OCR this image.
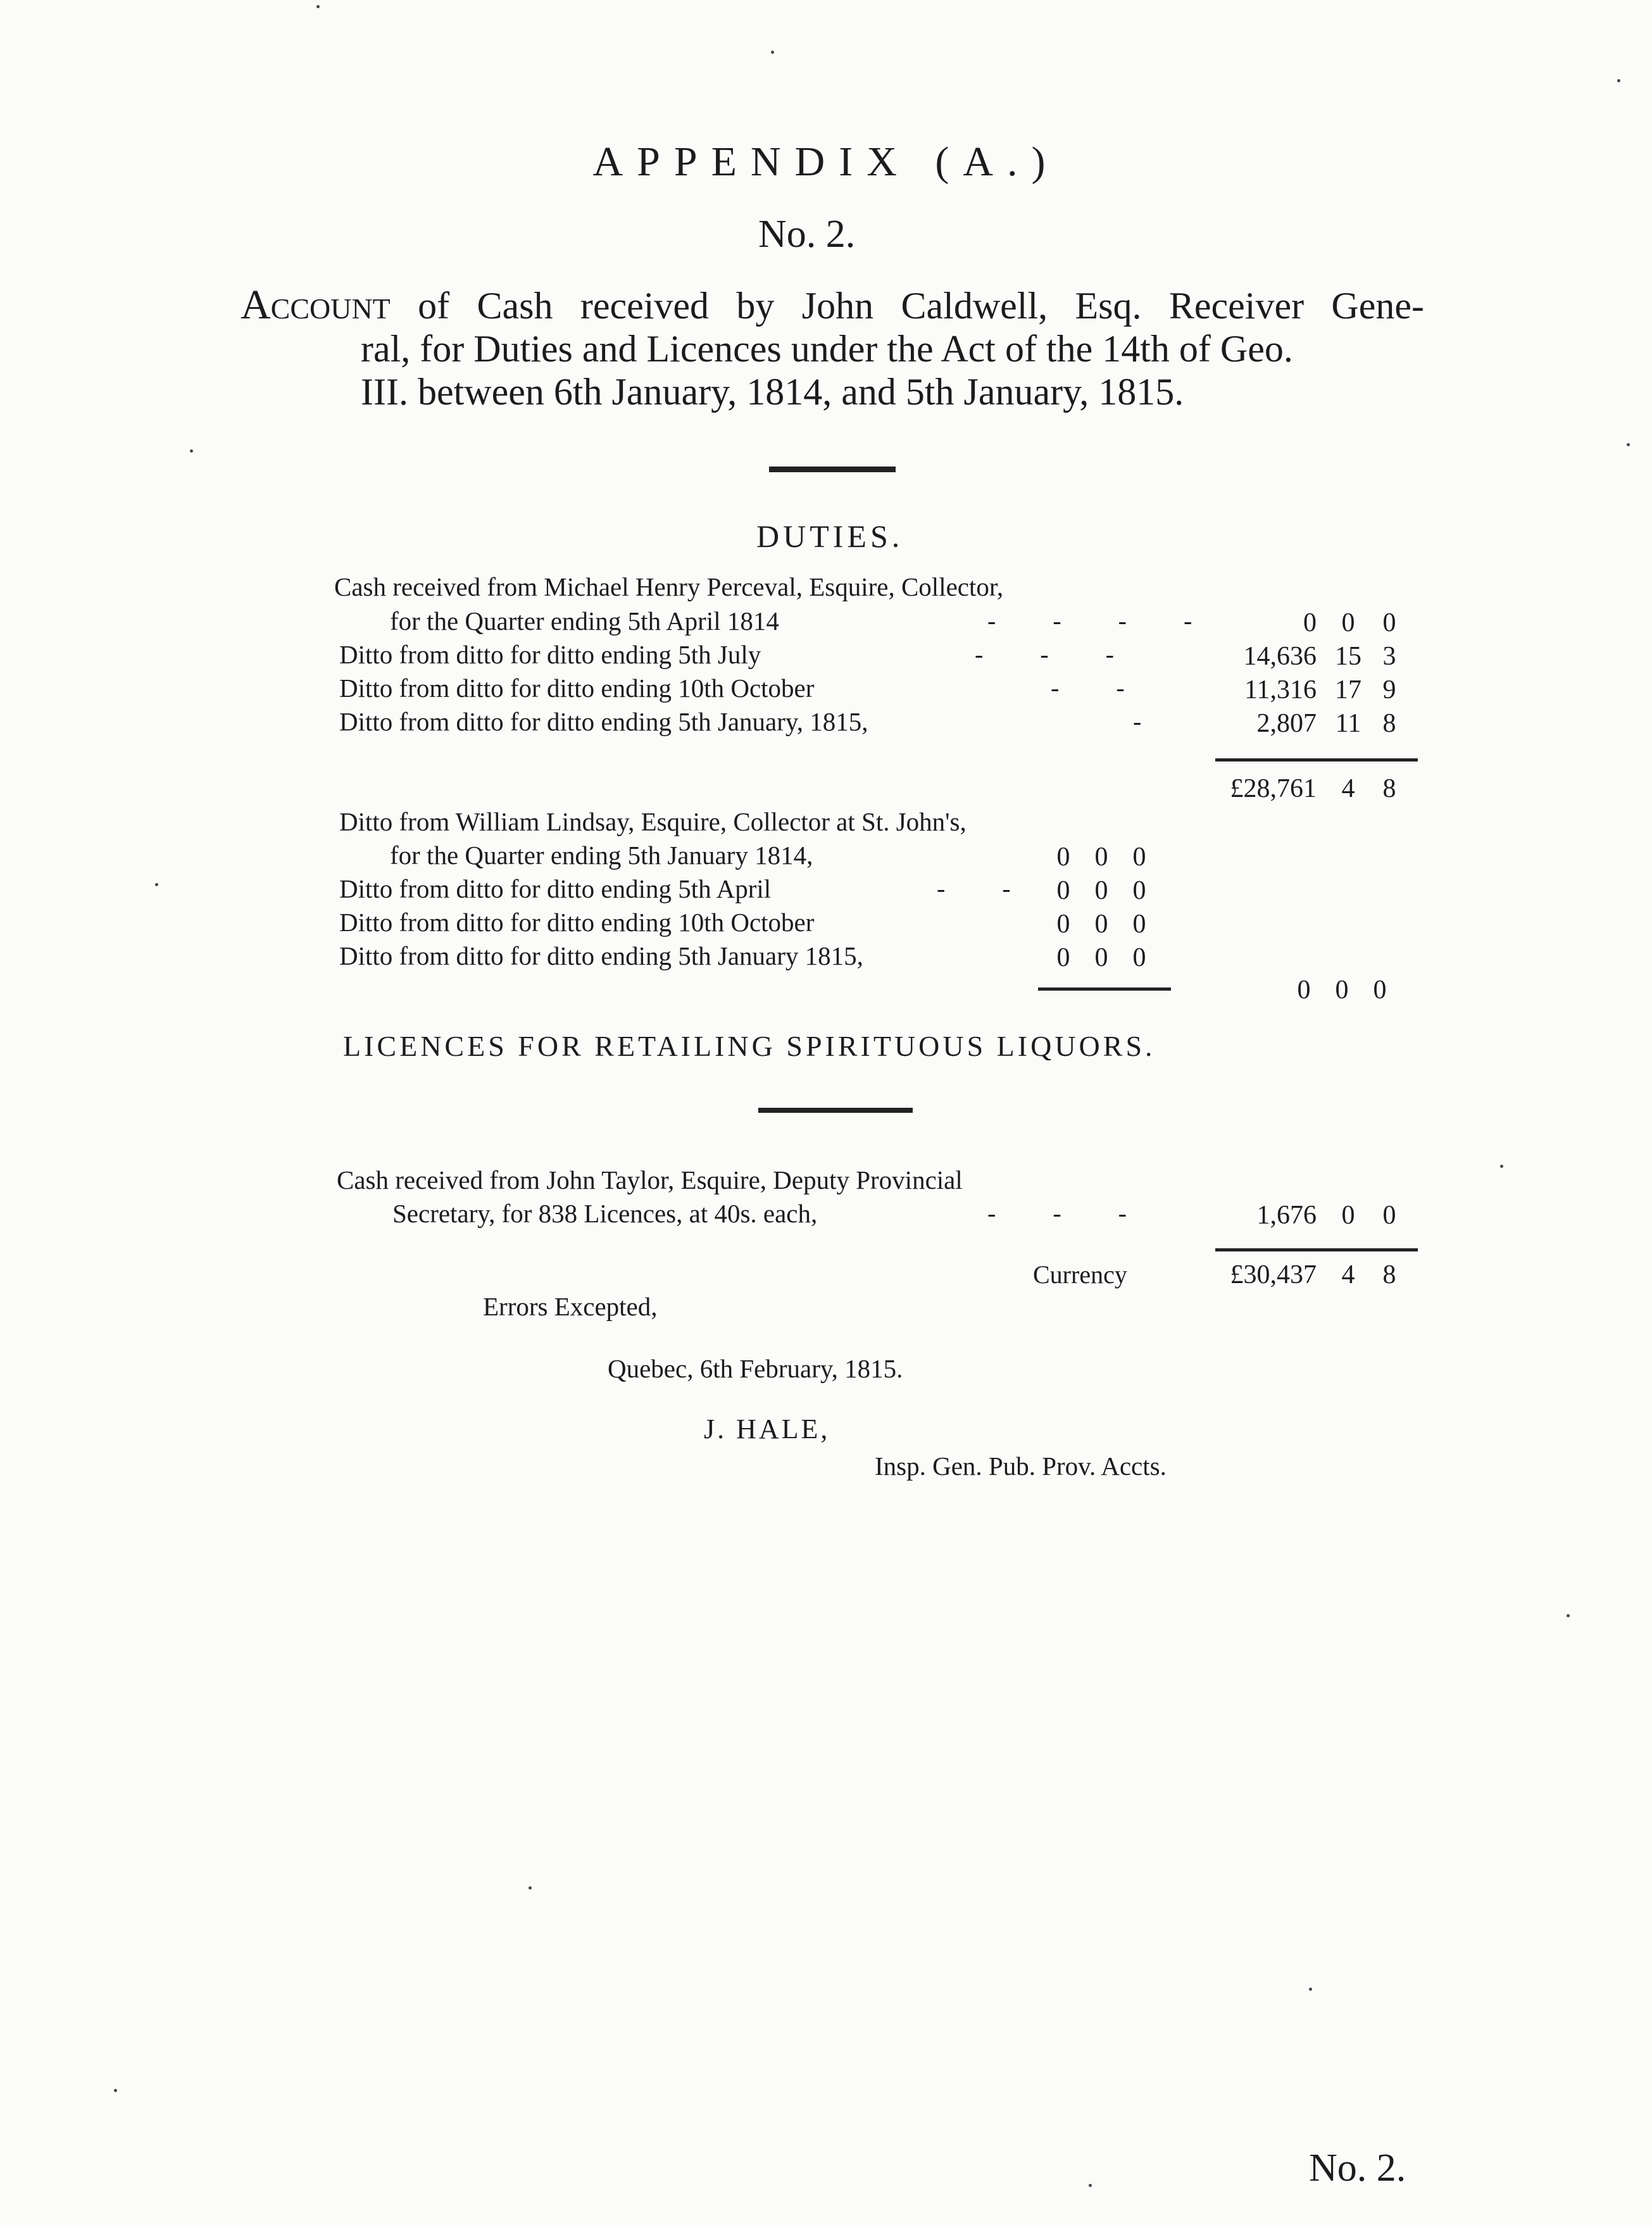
APPENDIX (A.)
No. 2.
Account of Cash received by John Caldwell, Esq. Receiver Gene-
ral, for Duties and Licences under the Act of the 14th of Geo.
III. between 6th January, 1814, and 5th January, 1815.
DUTIES.
Cash received from Michael Henry Perceval, Esquire, Collector,
for the Quarter ending 5th April 1814	- - - -	0 0	0
Ditto from ditto for ditto ending 5th July	- - -	14,636 15 3
Ditto from ditto for ditto ending 10th October	- -	11,316 17 9
Ditto from ditto for ditto ending 5th January, 1815,	-	2,807 11 8
£28,761 4	8
Ditto from William Lindsay, Esquire, Collector at St. John's,
for the Quarter ending 5th January 1814,	0 0 0
Ditto from ditto for ditto ending 5th April	- - 0 0 0
Ditto from ditto for ditto ending 10th October	0 0 0
Ditto from ditto for ditto ending 5th January 1815,	0 0 0
0 0 0
LICENCES FOR RETAILING SPIRITUOUS LIQUORS.
Cash received from John Taylor, Esquire, Deputy Provincial
Secretary, for 838 Licences, at 40s. each,	- - -	1,676 0	0
Currency	£30,437 4	8
Errors Excepted,
Quebec, 6th February, 1815.
J. HALE,
Insp. Gen. Pub. Prov. Accts.
No. 2.
